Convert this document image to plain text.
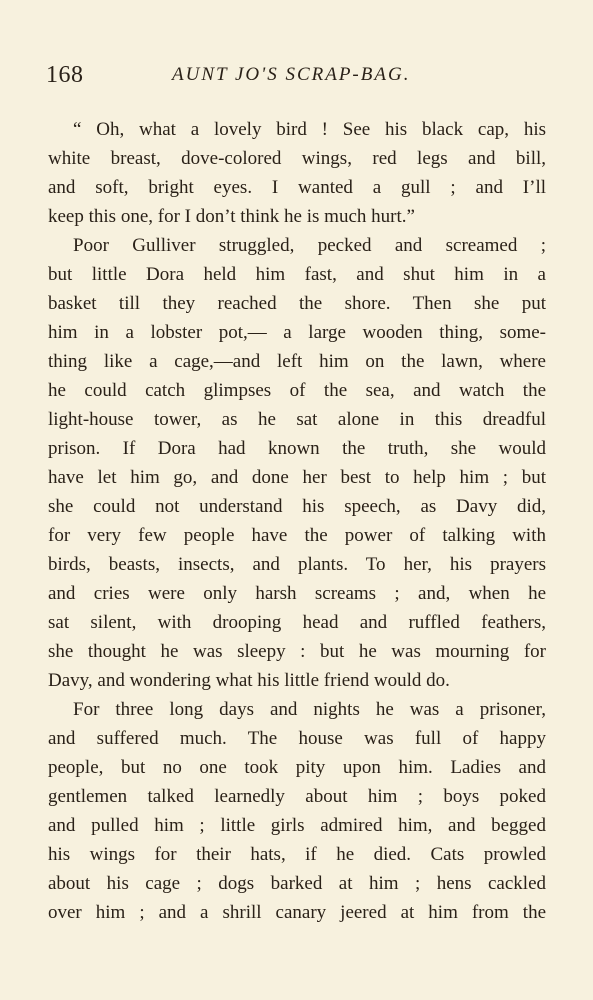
168	AUNT JO'S SCRAP-BAG.
“ Oh, what a lovely bird ! See his black cap, his
white breast, dove-colored wings, red legs and bill,
and soft, bright eyes. I wanted a gull ; and I’ll
keep this one, for I don’t think he is much hurt.”
Poor Gulliver struggled, pecked and screamed ;
but little Dora held him fast, and shut him in a
basket till they reached the shore. Then she put
him in a lobster pot,— a large wooden thing, some-
thing like a cage,—and left him on the lawn, where
he could catch glimpses of the sea, and watch the
light-house tower, as he sat alone in this dreadful
prison. If Dora had known the truth, she would
have let him go, and done her best to help him ; but
she could not understand his speech, as Davy did,
for very few people have the power of talking with
birds, beasts, insects, and plants. To her, his prayers
and cries were only harsh screams ; and, when he
sat silent, with drooping head and ruffled feathers,
she thought he was sleepy : but he was mourning for
Davy, and wondering what his little friend would do.
For three long days and nights he was a prisoner,
and suffered much. The house was full of happy
people, but no one took pity upon him. Ladies and
gentlemen talked learnedly about him ; boys poked
and pulled him ; little girls admired him, and begged
his wings for their hats, if he died. Cats prowled
about his cage ; dogs barked at him ; hens cackled
over him ; and a shrill canary jeered at him from the
